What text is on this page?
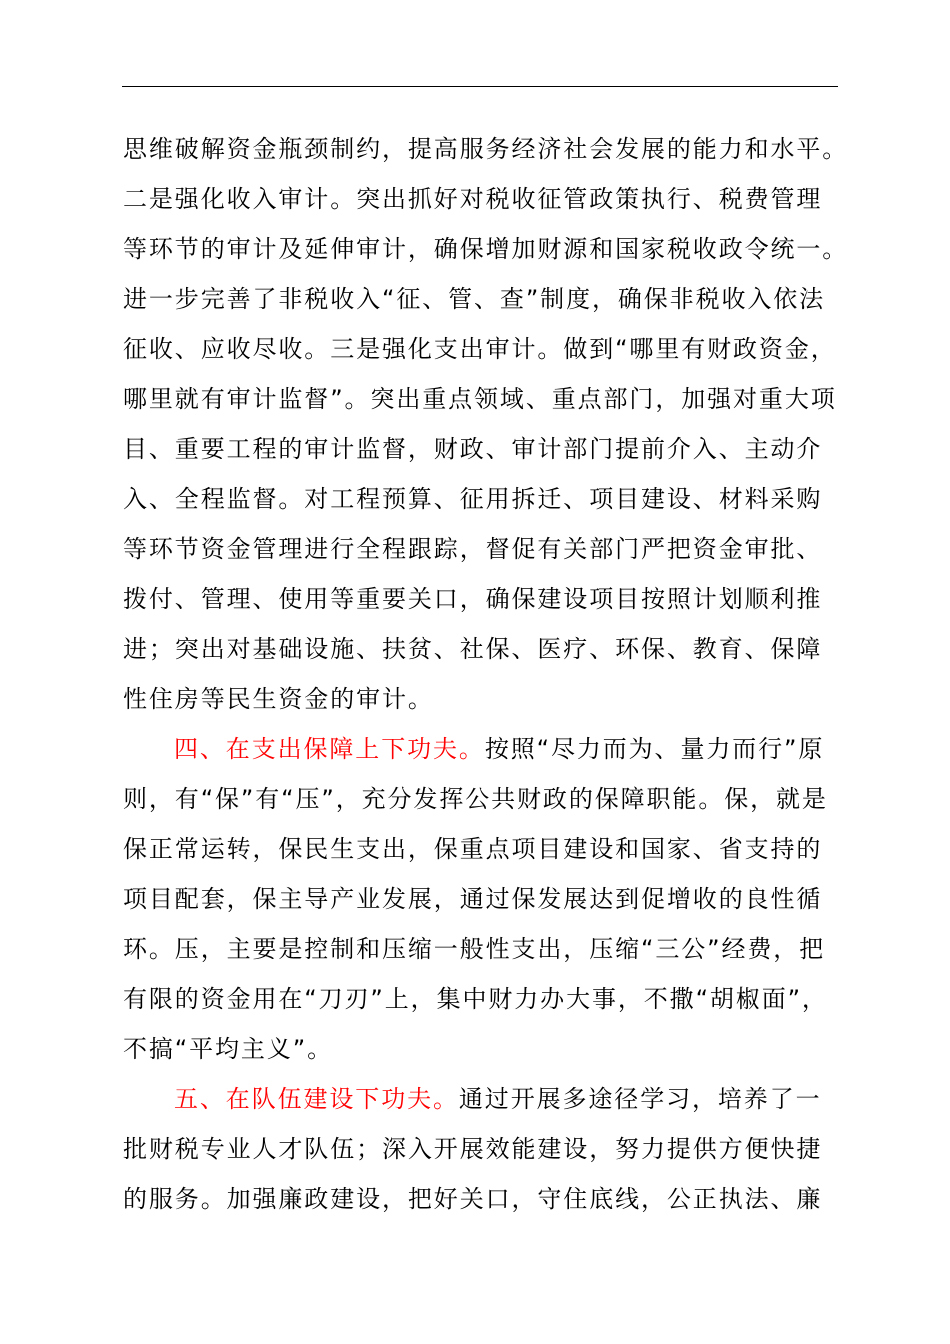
思维破解资金瓶颈制约，提高服务经济社会发展的能力和水平。

二是强化收入审计。突出抓好对税收征管政策执行、税费管理

等环节的审计及延伸审计，确保增加财源和国家税收政令统一。

进一步完善了非税收入“征、管、查”制度，确保非税收入依法

征收、应收尽收。三是强化支出审计。做到“哪里有财政资金，

哪里就有审计监督”。突出重点领域、重点部门，加强对重大项

目、重要工程的审计监督，财政、审计部门提前介入、主动介

入、全程监督。对工程预算、征用拆迁、项目建设、材料采购

等环节资金管理进行全程跟踪，督促有关部门严把资金审批、

拨付、管理、使用等重要关口，确保建设项目按照计划顺利推

进；突出对基础设施、扶贫、社保、医疗、环保、教育、保障

性住房等民生资金的审计。

四、在支出保障上下功夫。按照“尽力而为、量力而行”原

则，有“保”有“压”，充分发挥公共财政的保障职能。保，就是

保正常运转，保民生支出，保重点项目建设和国家、省支持的

项目配套，保主导产业发展，通过保发展达到促增收的良性循

环。压，主要是控制和压缩一般性支出，压缩“三公”经费，把

有限的资金用在“刀刃”上，集中财力办大事，不撒“胡椒面”，

不搞“平均主义”。

五、在队伍建设下功夫。通过开展多途径学习，培养了一

批财税专业人才队伍；深入开展效能建设，努力提供方便快捷

的服务。加强廉政建设，把好关口，守住底线，公正执法、廉
